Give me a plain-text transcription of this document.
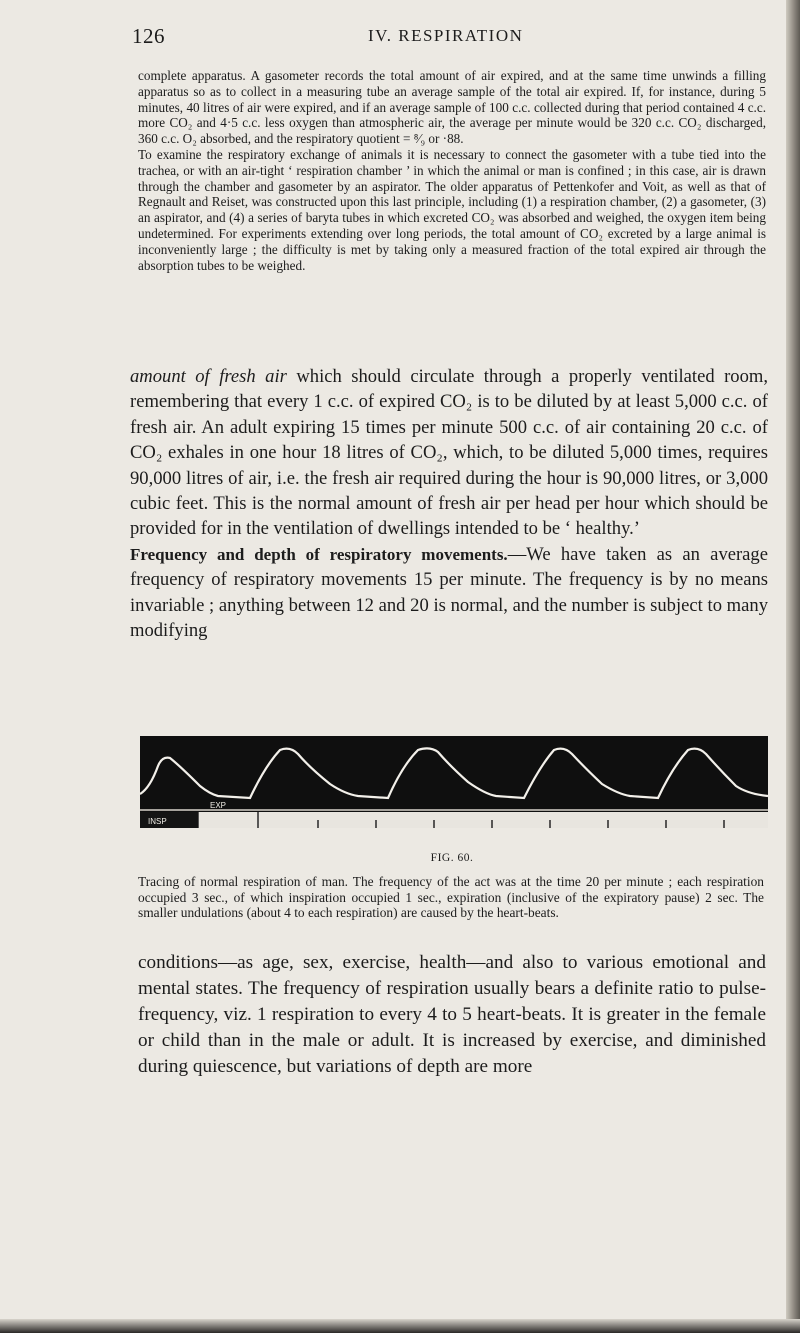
126	IV. RESPIRATION

complete apparatus. A gasometer records the total amount of air expired, and at the same time unwinds a filling apparatus so as to collect in a measuring tube an average sample of the total air expired. If, for instance, during 5 minutes, 40 litres of air were expired, and if an average sample of 100 c.c. collected during that period contained 4 c.c. more CO₂ and 4·5 c.c. less oxygen than atmospheric air, the average per minute would be 320 c.c. CO₂ discharged, 360 c.c. O₂ absorbed, and the respiratory quotient = ⁸⁄₉ or ·88.

To examine the respiratory exchange of animals it is necessary to connect the gasometer with a tube tied into the trachea, or with an air-tight ‘ respiration chamber ’ in which the animal or man is confined ; in this case, air is drawn through the chamber and gasometer by an aspirator. The older apparatus of Pettenkofer and Voit, as well as that of Regnault and Reiset, was constructed upon this last principle, including (1) a respiration chamber, (2) a gasometer, (3) an aspirator, and (4) a series of baryta tubes in which excreted CO₂ was absorbed and weighed, the oxygen item being undetermined. For experiments extending over long periods, the total amount of CO₂ excreted by a large animal is inconveniently large ; the difficulty is met by taking only a measured fraction of the total expired air through the absorption tubes to be weighed.

amount of fresh air which should circulate through a properly ventilated room, remembering that every 1 c.c. of expired CO₂ is to be diluted by at least 5,000 c.c. of fresh air. An adult expiring 15 times per minute 500 c.c. of air containing 20 c.c. of CO₂ exhales in one hour 18 litres of CO₂, which, to be diluted 5,000 times, requires 90,000 litres of air, i.e. the fresh air required during the hour is 90,000 litres, or 3,000 cubic feet. This is the normal amount of fresh air per head per hour which should be provided for in the ventilation of dwellings intended to be ‘ healthy.’

Frequency and depth of respiratory movements.—We have taken as an average frequency of respiratory movements 15 per minute. The frequency is by no means invariable ; anything between 12 and 20 is normal, and the number is subject to many modifying

INSP
EXP
FIG. 60.

Tracing of normal respiration of man. The frequency of the act was at the time 20 per minute ; each respiration occupied 3 sec., of which inspiration occupied 1 sec., expiration (inclusive of the expiratory pause) 2 sec. The smaller undulations (about 4 to each respiration) are caused by the heart-beats.

conditions—as age, sex, exercise, health—and also to various emotional and mental states. The frequency of respiration usually bears a definite ratio to pulse-frequency, viz. 1 respiration to every 4 to 5 heart-beats. It is greater in the female or child than in the male or adult. It is increased by exercise, and diminished during quiescence, but variations of depth are more
